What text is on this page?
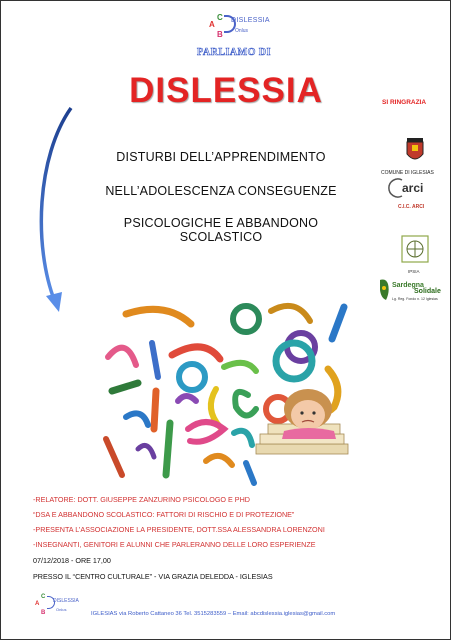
C
A
B
DISLESSIA
Onlus
PARLIAMO DI
DISLESSIA
DISTURBI DELL’APPRENDIMENTO
NELL’ADOLESCENZA CONSEGUENZE
PSICOLOGICHE E ABBANDONO SCOLASTICO
SI RINGRAZIA
COMUNE DI IGLESIAS
arci
C.I.C. ARCI
IPSIA
Sardegna
Solidale
Lg. Reg. Fondo n. 12 Iglesias
-RELATORE: DOTT. GIUSEPPE ZANZURINO PSICOLOGO E PHD
“DSA E ABBANDONO SCOLASTICO: FATTORI DI RISCHIO E DI PROTEZIONE”
-PRESENTA L’ASSOCIAZIONE LA PRESIDENTE, DOTT.SSA ALESSANDRA LORENZONI
-INSEGNANTI, GENITORI E ALUNNI CHE PARLERANNO DELLE LORO ESPERIENZE
07/12/2018 - ORE 17,00
PRESSO IL “CENTRO CULTURALE” - VIA GRAZIA DELEDDA - IGLESIAS
C
A
B
DISLESSIA
Onlus
IGLESIAS via Roberto Cattaneo 36 Tel. 3515283559 – Email: abcdislessia.iglesias@gmail.com
